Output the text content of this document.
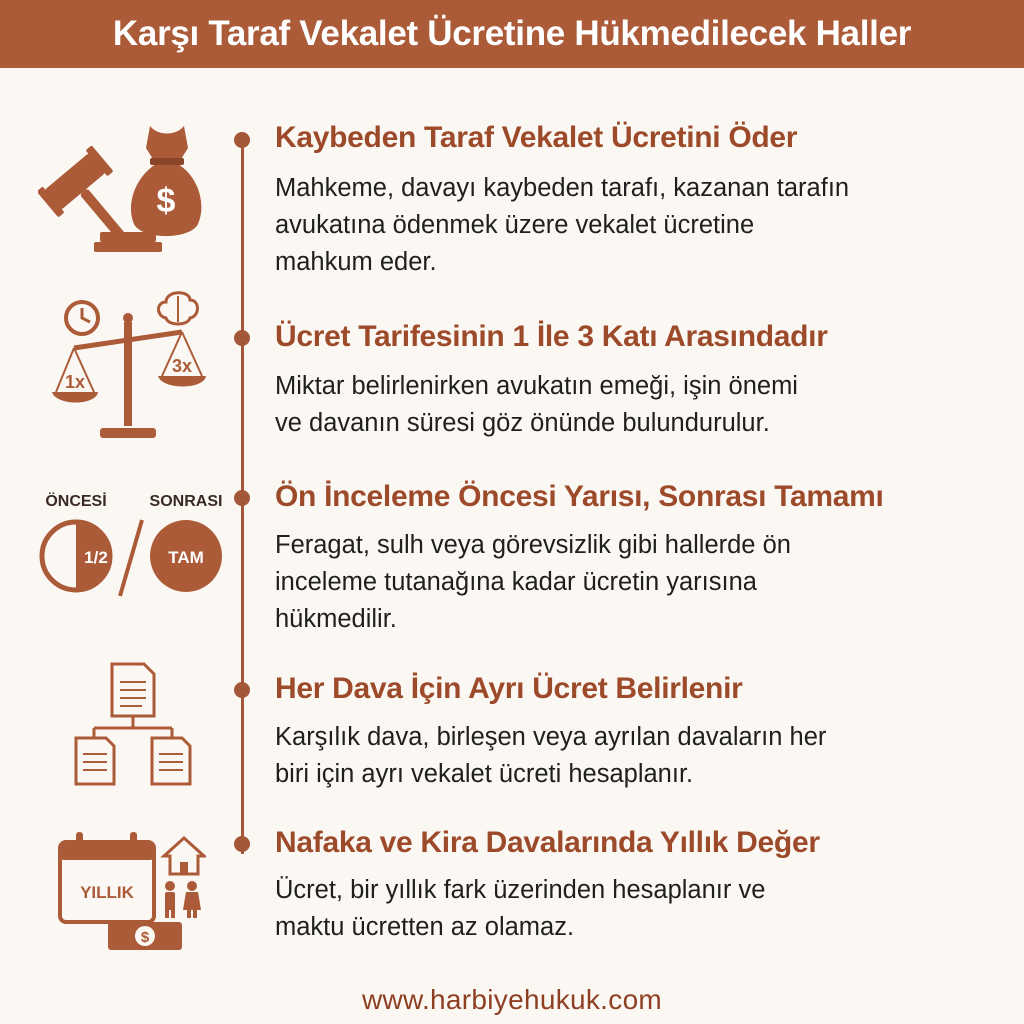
Karşı Taraf Vekalet Ücretine Hükmedilecek Haller
Kaybeden Taraf Vekalet Ücretini Öder
Mahkeme, davayı kaybeden tarafı, kazanan tarafın
avukatına ödenmek üzere vekalet ücretine
mahkum eder.
$
Ücret Tarifesinin 1 İle 3 Katı Arasındadır
Miktar belirlenirken avukatın emeği, işin önemi
ve davanın süresi göz önünde bulundurulur.
1x
3x
Ön İnceleme Öncesi Yarısı, Sonrası Tamamı
Feragat, sulh veya görevsizlik gibi hallerde ön
inceleme tutanağına kadar ücretin yarısına
hükmedilir.
ÖNCESİ	SONRASI
1/2	TAM
Her Dava İçin Ayrı Ücret Belirlenir
Karşılık dava, birleşen veya ayrılan davaların her
biri için ayrı vekalet ücreti hesaplanır.
Nafaka ve Kira Davalarında Yıllık Değer
Ücret, bir yıllık fark üzerinden hesaplanır ve
maktu ücretten az olamaz.
YILLIK
$
www.harbiyehukuk.com
